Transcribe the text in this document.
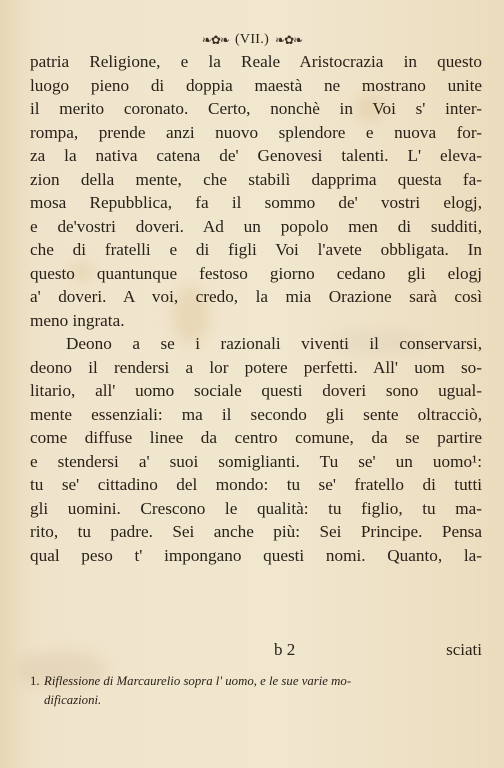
❧✿❧ (VII.) ❧✿❧
patria Religione, e la Reale Aristocrazia in questo
luogo pieno di doppia maestà ne mostrano unite
il merito coronato. Certo, nonchè in Voi s' inter-
rompa, prende anzi nuovo splendore e nuova for-
za la nativa catena de' Genovesi talenti. L' eleva-
zion della mente, che stabilì dapprima questa fa-
mosa Repubblica, fa il sommo de' vostri elogj,
e de'vostri doveri. Ad un popolo men di sudditi,
che di fratelli e di figli Voi l'avete obbligata. In
questo quantunque festoso giorno cedano gli elogj
a' doveri. A voi, credo, la mia Orazione sarà così
meno ingrata.
Deono a se i razionali viventi il conservarsi,
deono il rendersi a lor potere perfetti. All' uom so-
litario, all' uomo sociale questi doveri sono ugual-
mente essenziali: ma il secondo gli sente oltracciò,
come diffuse linee da centro comune, da se partire
e stendersi a' suoi somiglianti. Tu se' un uomo¹:
tu se' cittadino del mondo: tu se' fratello di tutti
gli uomini. Crescono le qualità: tu figlio, tu ma-
rito, tu padre. Sei anche più: Sei Principe. Pensa
qual peso t' impongano questi nomi. Quanto, la-
b 2	sciati
1. Riflessione di Marcaurelio sopra l' uomo, e le sue varie mo-
dificazioni.
